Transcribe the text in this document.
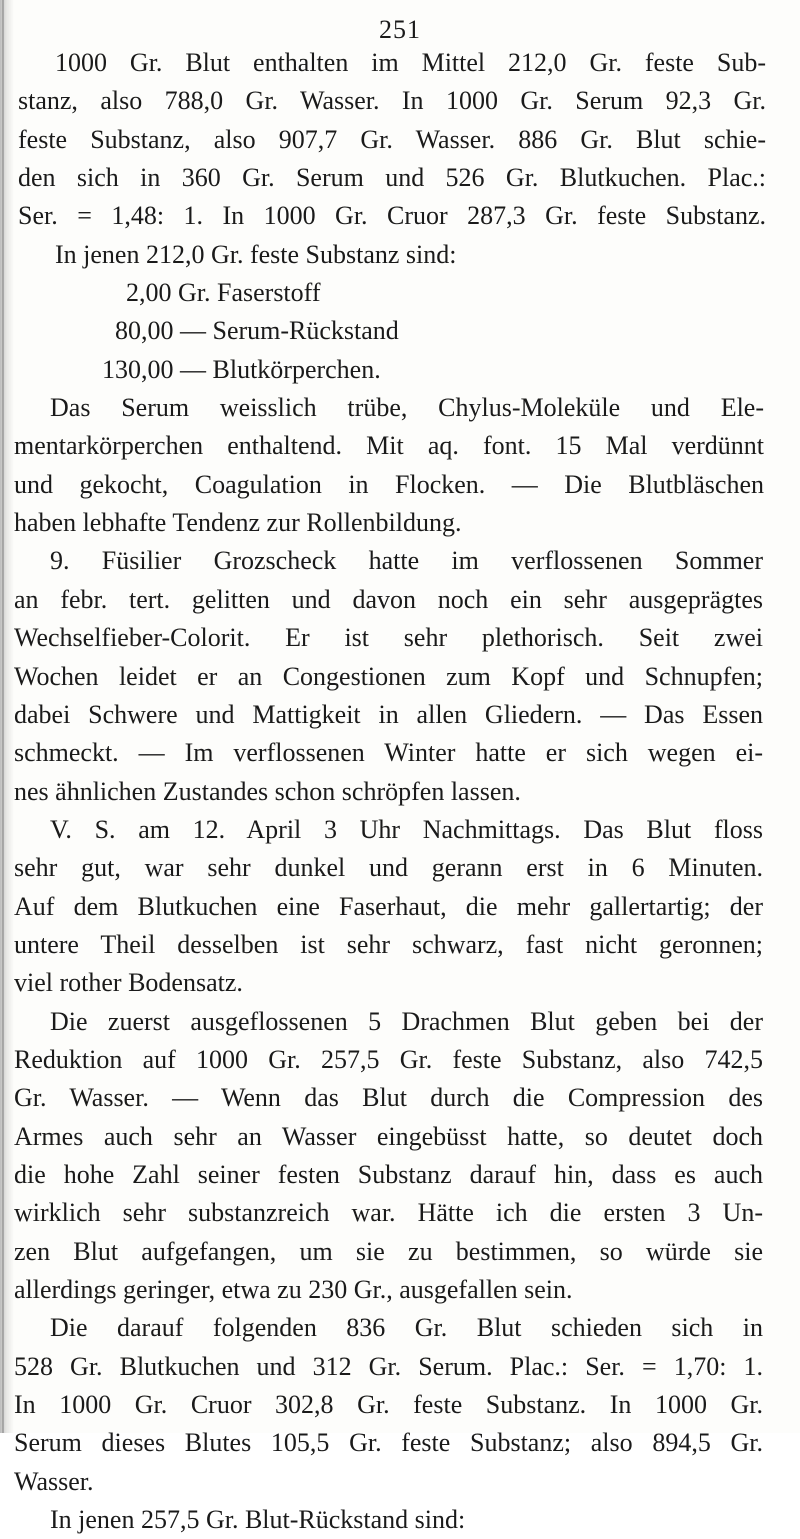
251
1000 Gr. Blut enthalten im Mittel 212,0 Gr. feste Sub-
stanz, also 788,0 Gr. Wasser. In 1000 Gr. Serum 92,3 Gr.
feste Substanz, also 907,7 Gr. Wasser. 886 Gr. Blut schie-
den sich in 360 Gr. Serum und 526 Gr. Blutkuchen. Plac.:
Ser. = 1,48: 1. In 1000 Gr. Cruor 287,3 Gr. feste Substanz.
In jenen 212,0 Gr. feste Substanz sind:
2,00 Gr. Faserstoff
80,00 — Serum-Rückstand
130,00 — Blutkörperchen.
Das Serum weisslich trübe, Chylus-Moleküle und Ele-
mentarkörperchen enthaltend. Mit aq. font. 15 Mal verdünnt
und gekocht, Coagulation in Flocken. — Die Blutbläschen
haben lebhafte Tendenz zur Rollenbildung.
9. Füsilier Grozscheck hatte im verflossenen Sommer
an febr. tert. gelitten und davon noch ein sehr ausgeprägtes
Wechselfieber-Colorit. Er ist sehr plethorisch. Seit zwei
Wochen leidet er an Congestionen zum Kopf und Schnupfen;
dabei Schwere und Mattigkeit in allen Gliedern. — Das Essen
schmeckt. — Im verflossenen Winter hatte er sich wegen ei-
nes ähnlichen Zustandes schon schröpfen lassen.
V. S. am 12. April 3 Uhr Nachmittags. Das Blut floss
sehr gut, war sehr dunkel und gerann erst in 6 Minuten.
Auf dem Blutkuchen eine Faserhaut, die mehr gallertartig; der
untere Theil desselben ist sehr schwarz, fast nicht geronnen;
viel rother Bodensatz.
Die zuerst ausgeflossenen 5 Drachmen Blut geben bei der
Reduktion auf 1000 Gr. 257,5 Gr. feste Substanz, also 742,5
Gr. Wasser. — Wenn das Blut durch die Compression des
Armes auch sehr an Wasser eingebüsst hatte, so deutet doch
die hohe Zahl seiner festen Substanz darauf hin, dass es auch
wirklich sehr substanzreich war. Hätte ich die ersten 3 Un-
zen Blut aufgefangen, um sie zu bestimmen, so würde sie
allerdings geringer, etwa zu 230 Gr., ausgefallen sein.
Die darauf folgenden 836 Gr. Blut schieden sich in
528 Gr. Blutkuchen und 312 Gr. Serum. Plac.: Ser. = 1,70: 1.
In 1000 Gr. Cruor 302,8 Gr. feste Substanz. In 1000 Gr.
Serum dieses Blutes 105,5 Gr. feste Substanz; also 894,5 Gr.
Wasser.
In jenen 257,5 Gr. Blut-Rückstand sind:
